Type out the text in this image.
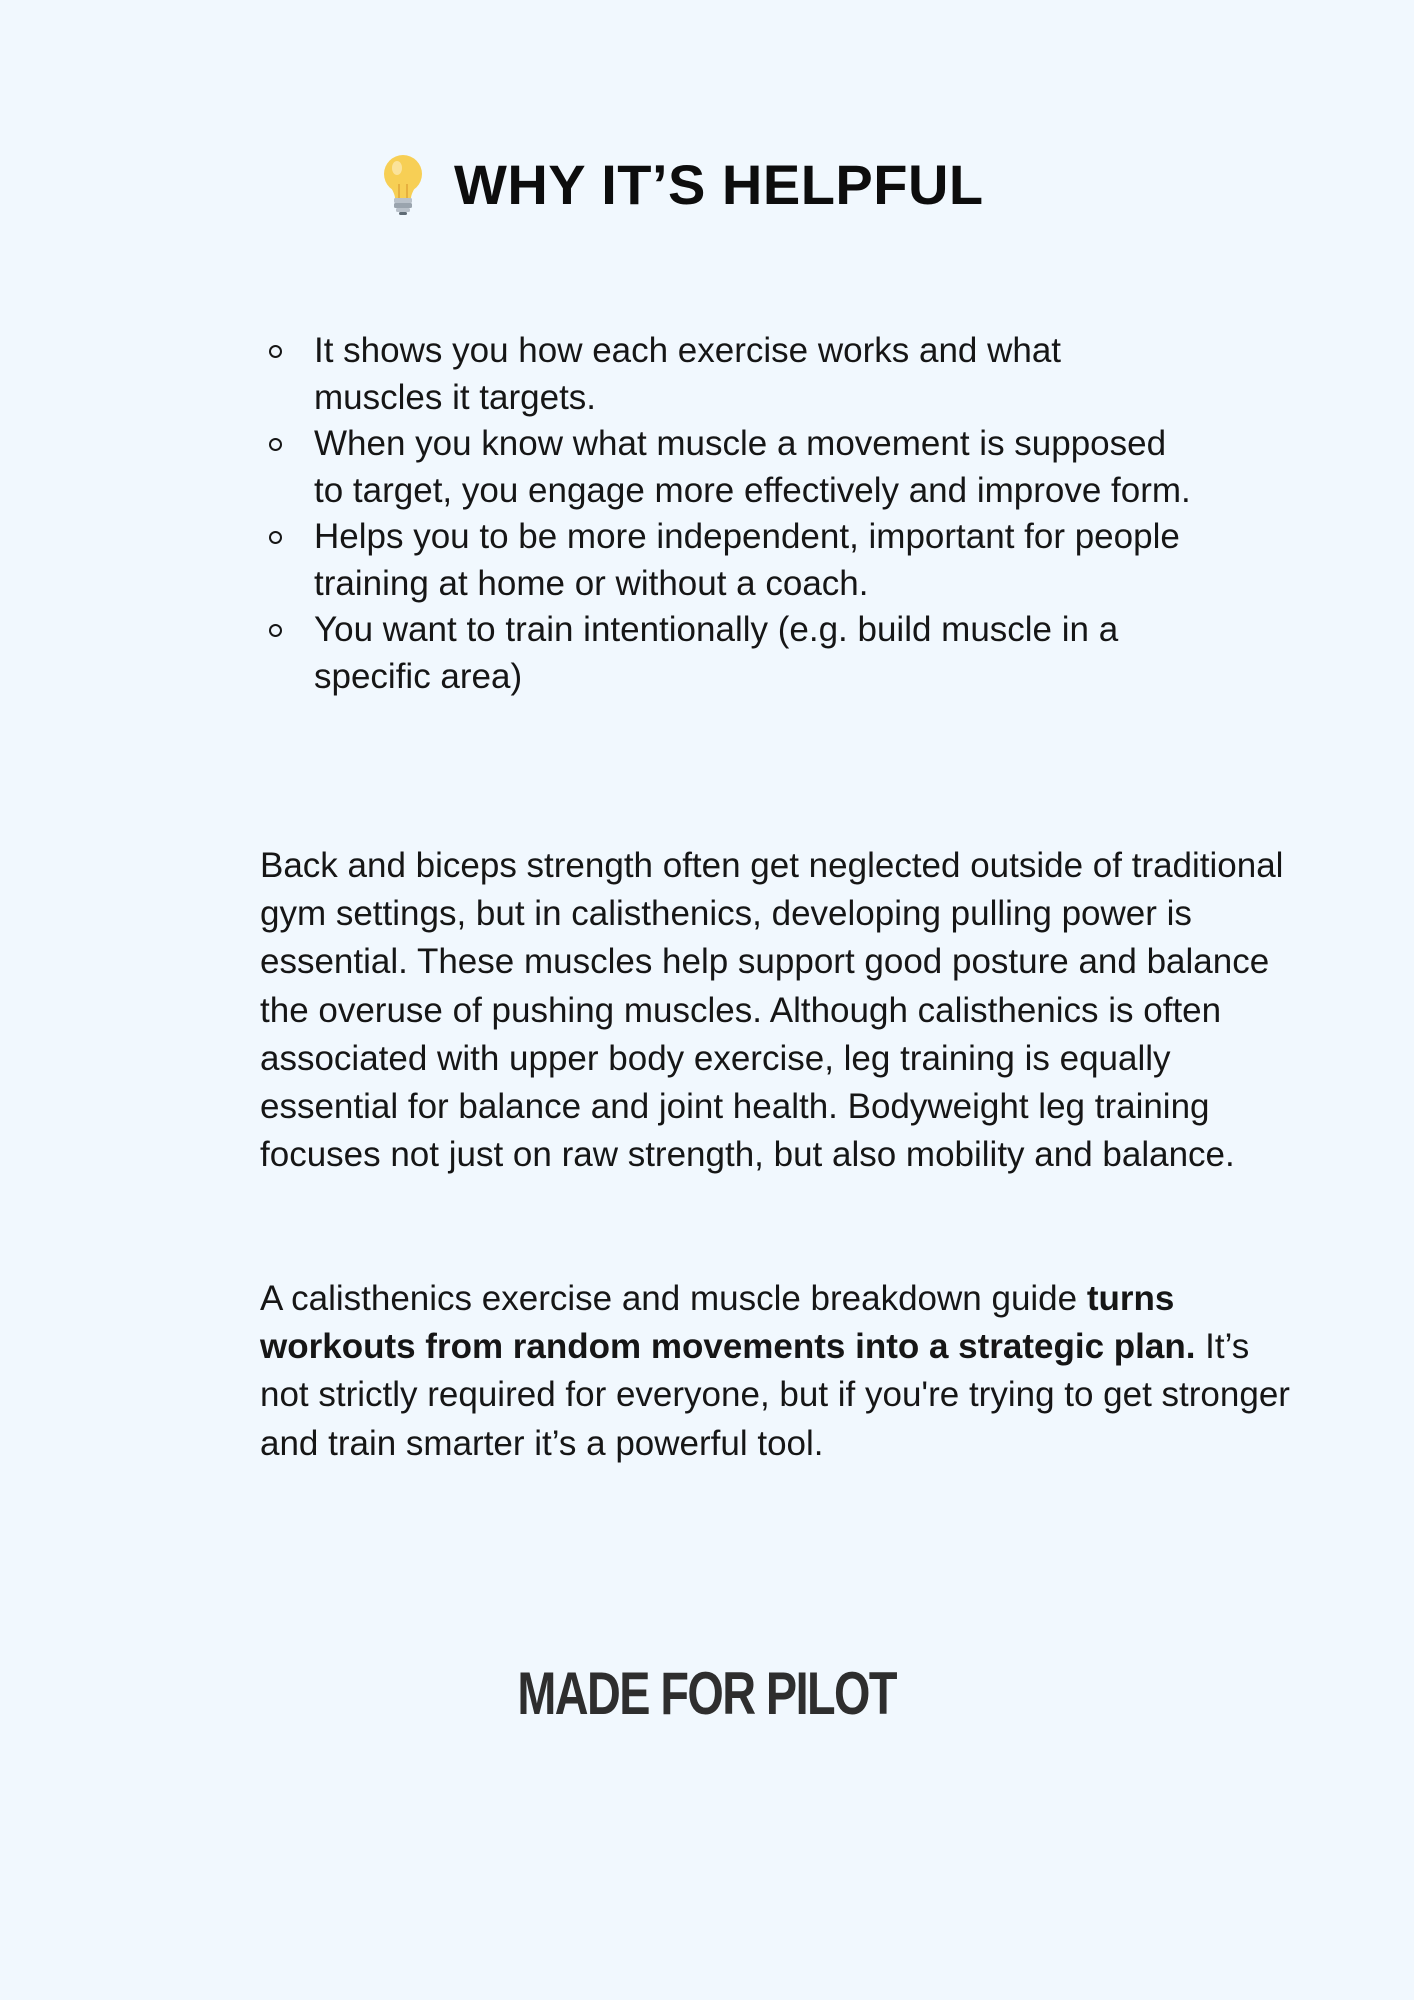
WHY IT’S HELPFUL
It shows you how each exercise works and what muscles it targets.
When you know what muscle a movement is supposed to target, you engage more effectively and improve form.
Helps you to be more independent, important for people training at home or without a coach.
You want to train intentionally (e.g. build muscle in a specific area)

Back and biceps strength often get neglected outside of traditional gym settings, but in calisthenics, developing pulling power is essential. These muscles help support good posture and balance the overuse of pushing muscles. Although calisthenics is often associated with upper body exercise, leg training is equally essential for balance and joint health. Bodyweight leg training focuses not just on raw strength, but also mobility and balance.

A calisthenics exercise and muscle breakdown guide turns workouts from random movements into a strategic plan. It’s not strictly required for everyone, but if you're trying to get stronger and train smarter it’s a powerful tool.

MADE FOR PILOT
